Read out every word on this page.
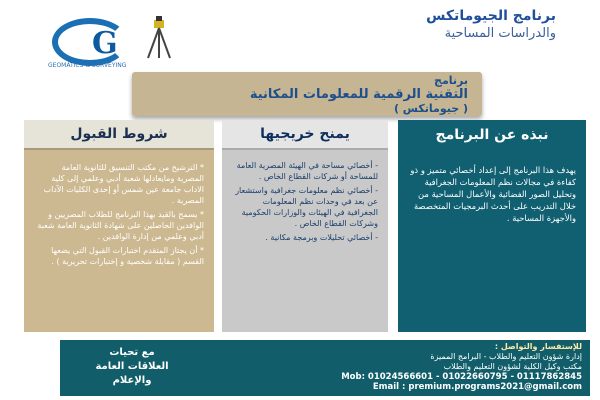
G
GEOMATICS & SURVEYING
برنامج الجيوماتكس
والدراسات المساحية
برنامج
التقنية الرقمية للمعلومات المكانية
( جيوماتكس )
نبذه عن البرنامج

يهدف هذا البرنامج إلى إعداد أخصائي متميز و ذو كفاءة في مجالات نظم المعلومات الجغرافية وتحليل الصور الفضائية والأعمال المساحية من خلال التدريب على أحدث البرمجيات المتخصصة والأجهزة المساحية .

يمنح خريجيها

- أخصائي مساحة في الهيئة المصرية العامة للمساحة أو شركات القطاع الخاص .

- أخصائي نظم معلومات جغرافية واستشعار عن بعد في وحدات نظم المعلومات الجغرافية في الهيئات والوزارات الحكومية وشركات القطاع الخاص .

- أخصائي تحليلات وبرمجة مكانية .

شروط القبول

* الترشيح من مكتب التنسيق للثانوية العامة المصرية ومايعادلها شعبة أدبي وعلمي إلى كلية الاداب جامعة عين شمس أو إحدى الكليات الآداب المصرية .

* يسمح بالقيد بهذا البرنامج للطلاب المصريين و الوافدين الحاصلين على شهادة الثانوية العامة شعبة أدبي وعلمي من إدارة الوافدين .

* أن يجتاز المتقدم اختبارات القبول التي يضعها القسم ( مقابلة شخصية و إختبارات تحريرية ) .

مع تحيات
العلاقات العامة
والإعلام
للإستفسار والتواصل :
إدارة شؤون التعليم والطلاب - البرامج المميزة
مكتب وكيل الكلية لشؤون التعليم والطلاب
Mob: 01024566601 - 01022660795 - 01117862845
Email : premium.programs2021@gmail.com
